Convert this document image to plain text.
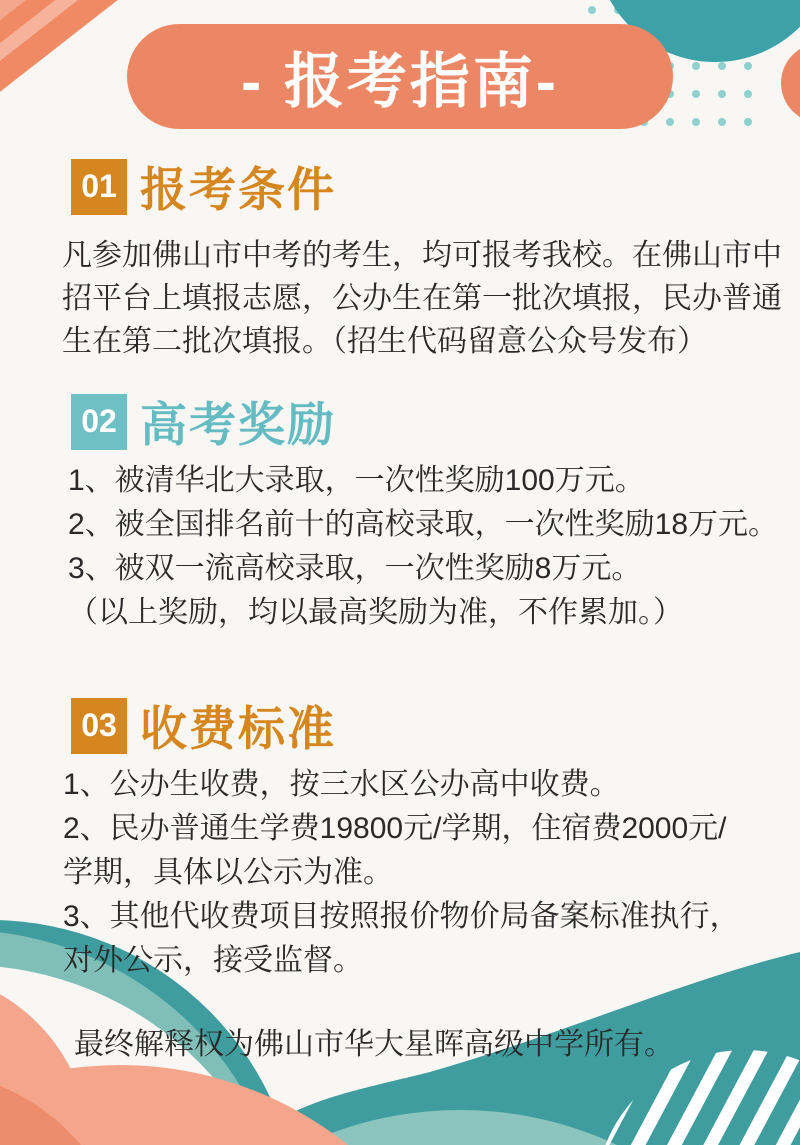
- 报考指南-
01 报考条件
凡参加佛山市中考的考生，均可报考我校。在佛山市中
招平台上填报志愿，公办生在第一批次填报，民办普通
生在第二批次填报。（招生代码留意公众号发布）
02 高考奖励
1、被清华北大录取，一次性奖励100万元。
2、被全国排名前十的高校录取，一次性奖励18万元。
3、被双一流高校录取，一次性奖励8万元。
（以上奖励，均以最高奖励为准，不作累加。）
03 收费标准
1、公办生收费，按三水区公办高中收费。
2、民办普通生学费19800元/学期，住宿费2000元/
学期，具体以公示为准。
3、其他代收费项目按照报价物价局备案标准执行，
对外公示，接受监督。
最终解释权为佛山市华大星晖高级中学所有。
